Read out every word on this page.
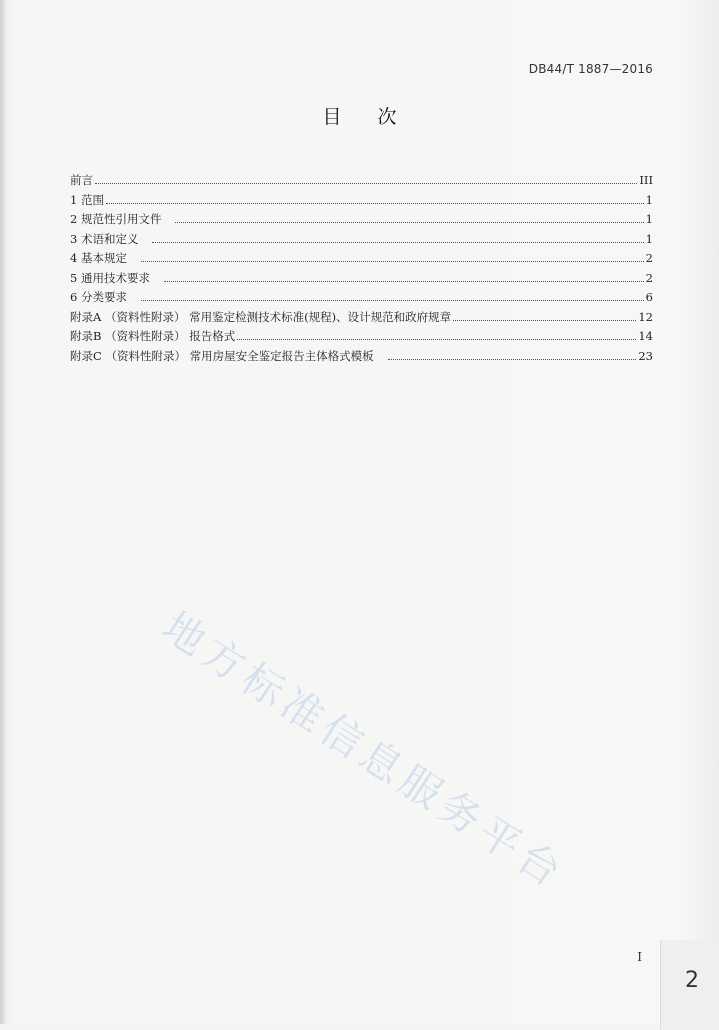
DB44/T 1887—2016
目次
前言	III
1 范围	1
2 规范性引用文件	1
3 术语和定义	1
4 基本规定	2
5 通用技术要求	2
6 分类要求	6
附录A （资料性附录） 常用鉴定检测技术标准(规程)、设计规范和政府规章	12
附录B （资料性附录） 报告格式	14
附录C （资料性附录） 常用房屋安全鉴定报告主体格式模板	23
地方标准信息服务平台
I
2
